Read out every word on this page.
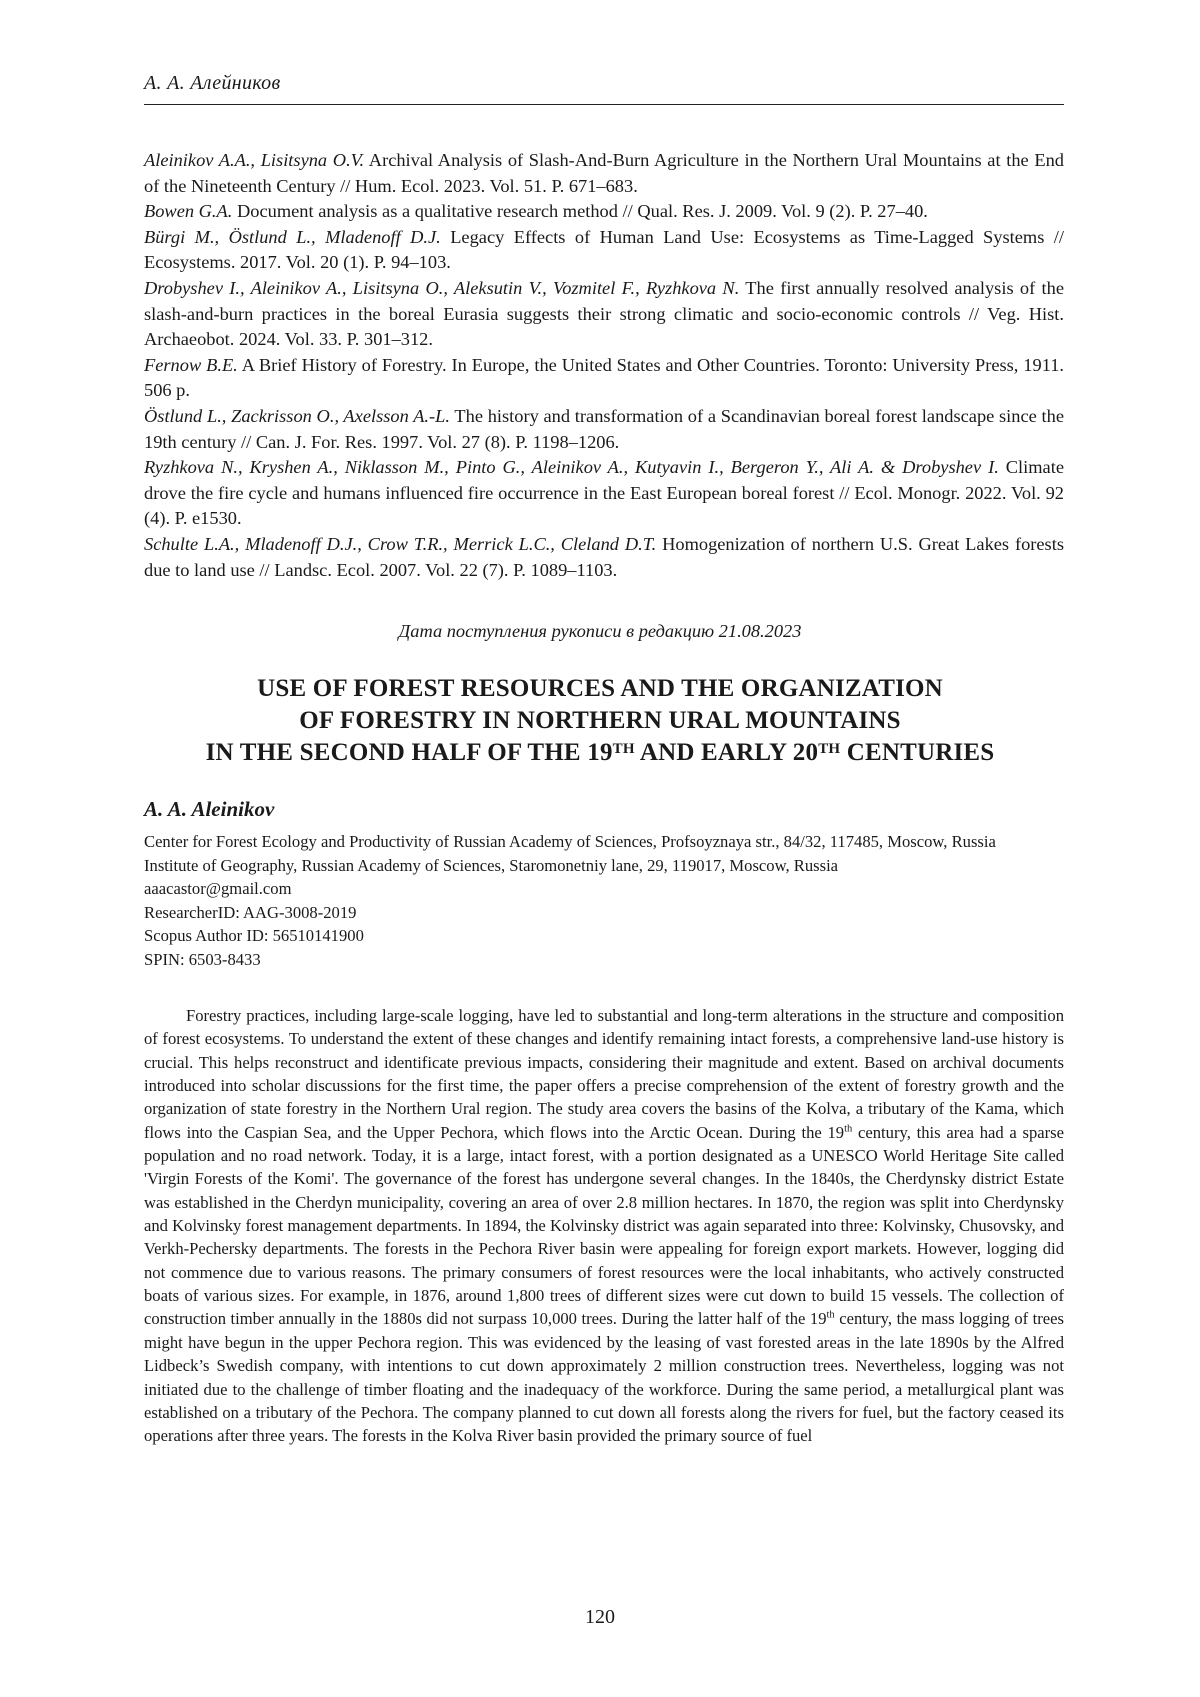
А. А. Алейников

Aleinikov A.A., Lisitsyna O.V. Archival Analysis of Slash-And-Burn Agriculture in the Northern Ural Mountains at the End of the Nineteenth Century // Hum. Ecol. 2023. Vol. 51. P. 671–683.

Bowen G.A. Document analysis as a qualitative research method // Qual. Res. J. 2009. Vol. 9 (2). P. 27–40.

Bürgi M., Östlund L., Mladenoff D.J. Legacy Effects of Human Land Use: Ecosystems as Time-Lagged Systems // Ecosystems. 2017. Vol. 20 (1). P. 94–103.

Drobyshev I., Aleinikov A., Lisitsyna O., Aleksutin V., Vozmitel F., Ryzhkova N. The first annually resolved analysis of the slash-and-burn practices in the boreal Eurasia suggests their strong climatic and socio-economic controls // Veg. Hist. Archaeobot. 2024. Vol. 33. P. 301–312.

Fernow B.E. A Brief History of Forestry. In Europe, the United States and Other Countries. Toronto: University Press, 1911. 506 p.

Östlund L., Zackrisson O., Axelsson A.-L. The history and transformation of a Scandinavian boreal forest landscape since the 19th century // Can. J. For. Res. 1997. Vol. 27 (8). P. 1198–1206.

Ryzhkova N., Kryshen A., Niklasson M., Pinto G., Aleinikov A., Kutyavin I., Bergeron Y., Ali A. & Drobyshev I. Climate drove the fire cycle and humans influenced fire occurrence in the East European boreal forest // Ecol. Monogr. 2022. Vol. 92 (4). P. e1530.

Schulte L.A., Mladenoff D.J., Crow T.R., Merrick L.C., Cleland D.T. Homogenization of northern U.S. Great Lakes forests due to land use // Landsc. Ecol. 2007. Vol. 22 (7). P. 1089–1103.

Дата поступления рукописи в редакцию 21.08.2023
USE OF FOREST RESOURCES AND THE ORGANIZATION
OF FORESTRY IN NORTHERN URAL MOUNTAINS
IN THE SECOND HALF OF THE 19TH AND EARLY 20TH CENTURIES
A. A. Aleinikov

Center for Forest Ecology and Productivity of Russian Academy of Sciences, Profsoyznaya str., 84/32, 117485, Moscow, Russia

Institute of Geography, Russian Academy of Sciences, Staromonetniy lane, 29, 119017, Moscow, Russia

aaacastor@gmail.com

ResearcherID: AAG-3008-2019

Scopus Author ID: 56510141900

SPIN: 6503-8433

Forestry practices, including large-scale logging, have led to substantial and long-term alterations in the structure and composition of forest ecosystems. To understand the extent of these changes and identify remaining intact forests, a comprehensive land-use history is crucial. This helps reconstruct and identificate previous impacts, considering their magnitude and extent. Based on archival documents introduced into scholar discussions for the first time, the paper offers a precise comprehension of the extent of forestry growth and the organization of state forestry in the Northern Ural region. The study area covers the basins of the Kolva, a tributary of the Kama, which flows into the Caspian Sea, and the Upper Pechora, which flows into the Arctic Ocean. During the 19th century, this area had a sparse population and no road network. Today, it is a large, intact forest, with a portion designated as a UNESCO World Heritage Site called 'Virgin Forests of the Komi'. The governance of the forest has undergone several changes. In the 1840s, the Cherdynsky district Estate was established in the Cherdyn municipality, covering an area of over 2.8 million hectares. In 1870, the region was split into Cherdynsky and Kolvinsky forest management departments. In 1894, the Kolvinsky district was again separated into three: Kolvinsky, Chusovsky, and Verkh-Pechersky departments. The forests in the Pechora River basin were appealing for foreign export markets. However, logging did not commence due to various reasons. The primary consumers of forest resources were the local inhabitants, who actively constructed boats of various sizes. For example, in 1876, around 1,800 trees of different sizes were cut down to build 15 vessels. The collection of construction timber annually in the 1880s did not surpass 10,000 trees. During the latter half of the 19th century, the mass logging of trees might have begun in the upper Pechora region. This was evidenced by the leasing of vast forested areas in the late 1890s by the Alfred Lidbeck’s Swedish company, with intentions to cut down approximately 2 million construction trees. Nevertheless, logging was not initiated due to the challenge of timber floating and the inadequacy of the workforce. During the same period, a metallurgical plant was established on a tributary of the Pechora. The company planned to cut down all forests along the rivers for fuel, but the factory ceased its operations after three years. The forests in the Kolva River basin provided the primary source of fuel

120
